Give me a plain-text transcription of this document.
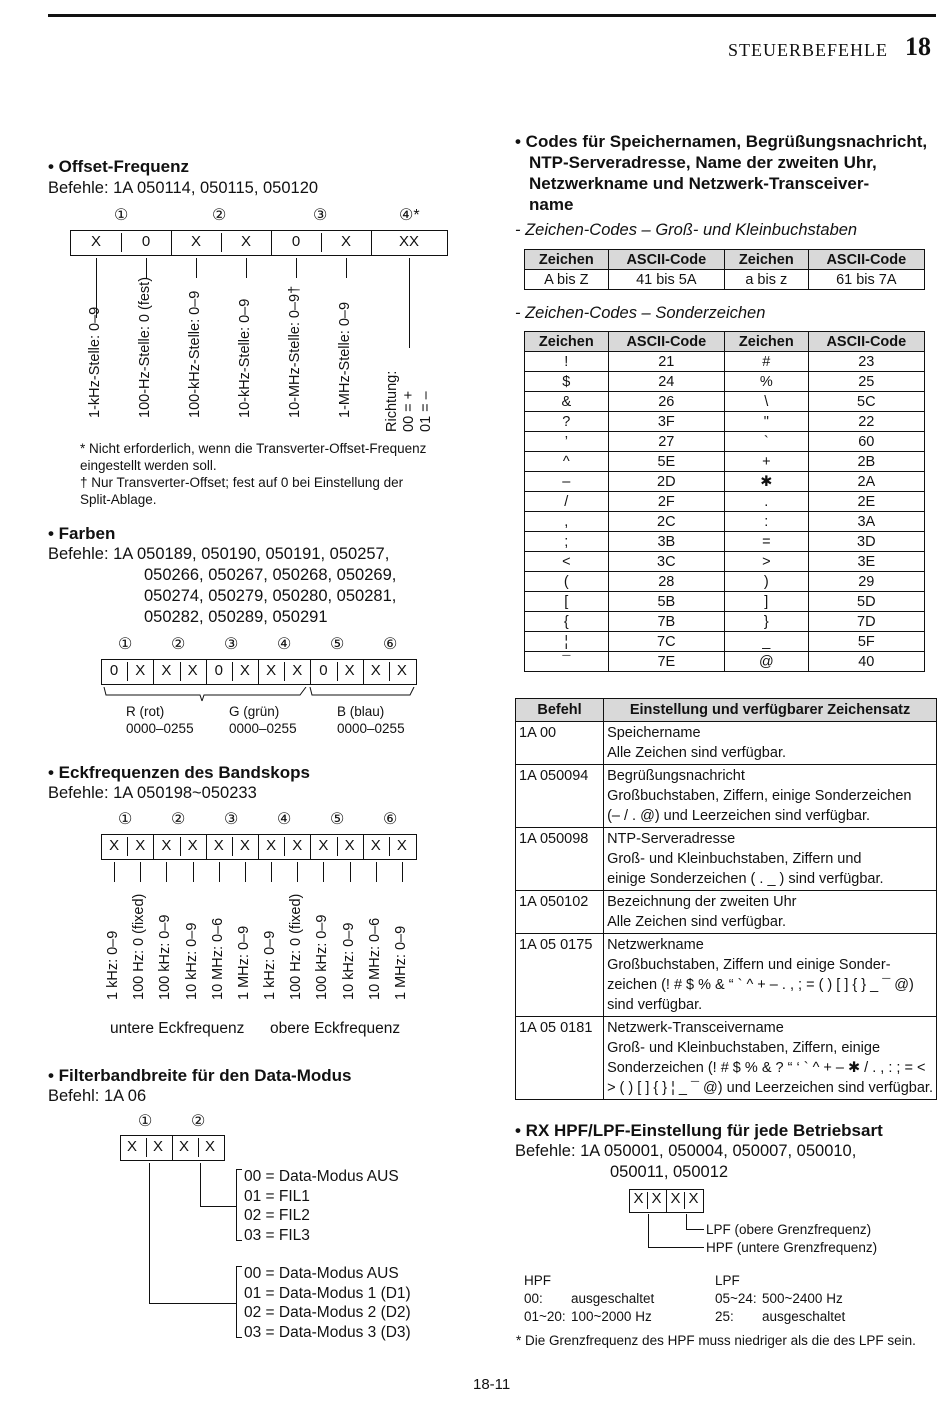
STEUERBEFEHLE 18
• Offset-Frequenz
Befehle: 1A 050114, 050115, 050120
①	②	③	④*
X	0	X	X	0	X	XX
1-kHz-Stelle: 0–9 100-Hz-Stelle: 0 (fest) 100-kHz-Stelle: 0–9 10-kHz-Stelle: 0–9 10-MHz-Stelle: 0–9† 1-MHz-Stelle: 0–9 Richtung: 00 = + 01 = –
* Nicht erforderlich, wenn die Transverter-Offset-Frequenz eingestellt werden soll.
† Nur Transverter-Offset; fest auf 0 bei Einstellung der Split-Ablage.
• Farben
Befehle: 1A 050189, 050190, 050191, 050257,
050266, 050267, 050268, 050269,
050274, 050279, 050280, 050281,
050282, 050289, 050291
① ② ③ ④ ⑤ ⑥
0	X	X	X	0	X	X	X	0	X	X	X
R (rot)
0000–0255
G (grün)
0000–0255
B (blau)
0000–0255
• Eckfrequenzen des Bandskops
Befehle: 1A 050198~050233
① ② ③ ④ ⑤ ⑥
X	X	X	X	X	X	X	X	X	X	X	X
1 kHz: 0–9 100 Hz: 0 (fixed) 100 kHz: 0–9 10 kHz: 0–9 10 MHz: 0–6 1 MHz: 0–9 1 kHz: 0–9 100 Hz: 0 (fixed) 100 kHz: 0–9 10 kHz: 0–9 10 MHz: 0–6 1 MHz: 0–9
untere Eckfrequenz obere Eckfrequenz
• Filterbandbreite für den Data-Modus
Befehl: 1A 06
① ②
X X X X
00 = Data-Modus AUS
01 = FIL1
02 = FIL2
03 = FIL3
00 = Data-Modus AUS
01 = Data-Modus 1 (D1)
02 = Data-Modus 2 (D2)
03 = Data-Modus 3 (D3)
• Codes für Speichernamen, Begrüßungsnachricht,
NTP-Serveradresse, Name der zweiten Uhr,
Netzwerkname und Netzwerk-Transceiver-
name
- Zeichen-Codes – Groß- und Kleinbuchstaben
Zeichen	ASCII-Code	Zeichen	ASCII-Code
A bis Z	41 bis 5A	a bis z	61 bis 7A
- Zeichen-Codes – Sonderzeichen
Zeichen	ASCII-Code	Zeichen	ASCII-Code
!	21	#	23
$	24	%	25
&	26	\	5C
?	3F	"	22
’	27	`	60
^	5E	+	2B
–	2D	✱	2A
/	2F	.	2E
,	2C	:	3A
;	3B	=	3D
<	3C	>	3E
(	28	)	29
[	5B	]	5D
{	7B	}	7D
¦	7C	_	5F
¯	7E	@	40
Befehl	Einstellung und verfügbarer Zeichensatz
1A 00	Speichername
Alle Zeichen sind verfügbar.

1A 050094	Begrüßungsnachricht
Großbuchstaben, Ziffern, einige Sonderzeichen
(– / . @) und Leerzeichen sind verfügbar.

1A 050098	NTP-Serveradresse
Groß- und Kleinbuchstaben, Ziffern und
einige Sonderzeichen ( . _ ) sind verfügbar.

1A 050102	Bezeichnung der zweiten Uhr
Alle Zeichen sind verfügbar.

1A 05 0175	Netzwerkname
Großbuchstaben, Ziffern und einige Sonder-
zeichen (! # $ % & “ ` ^ + – . , ; = ( ) [ ] { } _ ¯ @)
sind verfügbar.

1A 05 0181	Netzwerk-Transceivername
Groß- und Kleinbuchstaben, Ziffern, einige
Sonderzeichen (! # $ % & ? “ ‘ ` ^ + – ✱ / . , : ; = <
> ( ) [ ] { } ¦ _ ¯ @) und Leerzeichen sind verfügbar.
• RX HPF/LPF-Einstellung für jede Betriebsart
Befehle: 1A 050001, 050004, 050007, 050010,
050011, 050012
X X X X
LPF (obere Grenzfrequenz)
HPF (untere Grenzfrequenz)
HPF
00: ausgeschaltet
01~20: 100~2000 Hz
LPF
05~24: 500~2400 Hz
25: ausgeschaltet
* Die Grenzfrequenz des HPF muss niedriger als die des LPF sein.
18-11
